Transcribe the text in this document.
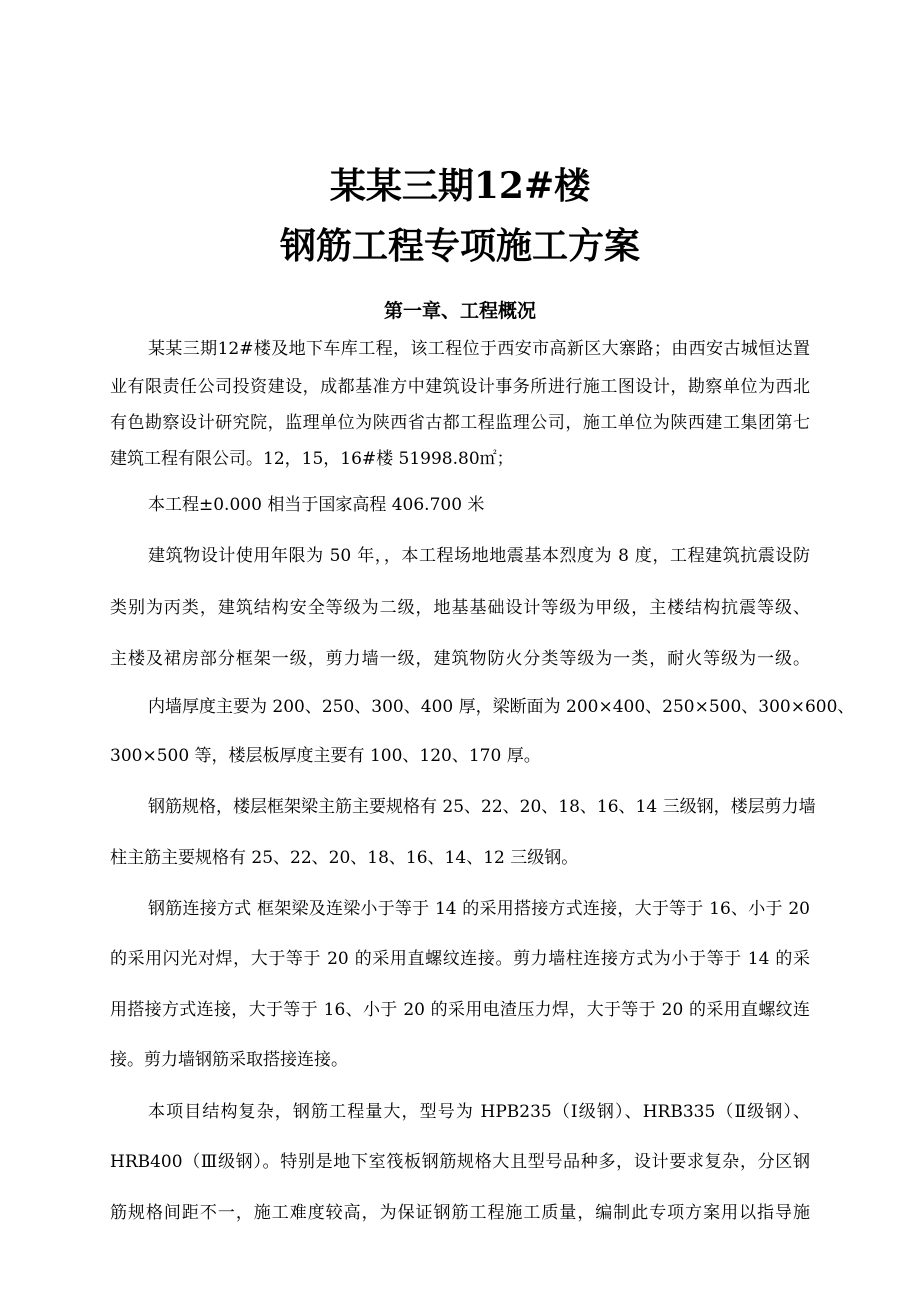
某某三期12#楼
钢筋工程专项施工方案
第一章、工程概况
某某三期12#楼及地下车库工程，该工程位于西安市高新区大寨路；由西安古城恒达置
业有限责任公司投资建设，成都基准方中建筑设计事务所进行施工图设计，勘察单位为西北
有色勘察设计研究院，监理单位为陕西省古都工程监理公司，施工单位为陕西建工集团第七
建筑工程有限公司。12，15，16#楼 51998.80㎡；
本工程±0.000 相当于国家高程 406.700 米
建筑物设计使用年限为 50 年，，本工程场地地震基本烈度为 8 度，工程建筑抗震设防
类别为丙类，建筑结构安全等级为二级，地基基础设计等级为甲级，主楼结构抗震等级、
主楼及裙房部分框架一级，剪力墙一级，建筑物防火分类等级为一类，耐火等级为一级。
内墙厚度主要为 200、250、300、400 厚，梁断面为 200×400、250×500、300×600、
300×500 等，楼层板厚度主要有 100、120、170 厚。
钢筋规格，楼层框架梁主筋主要规格有 25、22、20、18、16、14 三级钢，楼层剪力墙
柱主筋主要规格有 25、22、20、18、16、14、12 三级钢。
钢筋连接方式 框架梁及连梁小于等于 14 的采用搭接方式连接，大于等于 16、小于 20
的采用闪光对焊，大于等于 20 的采用直螺纹连接。剪力墙柱连接方式为小于等于 14 的采
用搭接方式连接，大于等于 16、小于 20 的采用电渣压力焊，大于等于 20 的采用直螺纹连
接。剪力墙钢筋采取搭接连接。
本项目结构复杂，钢筋工程量大，型号为 HPB235（Ⅰ级钢）、HRB335（Ⅱ级钢）、
HRB400（Ⅲ级钢）。特别是地下室筏板钢筋规格大且型号品种多，设计要求复杂，分区钢
筋规格间距不一，施工难度较高，为保证钢筋工程施工质量，编制此专项方案用以指导施
